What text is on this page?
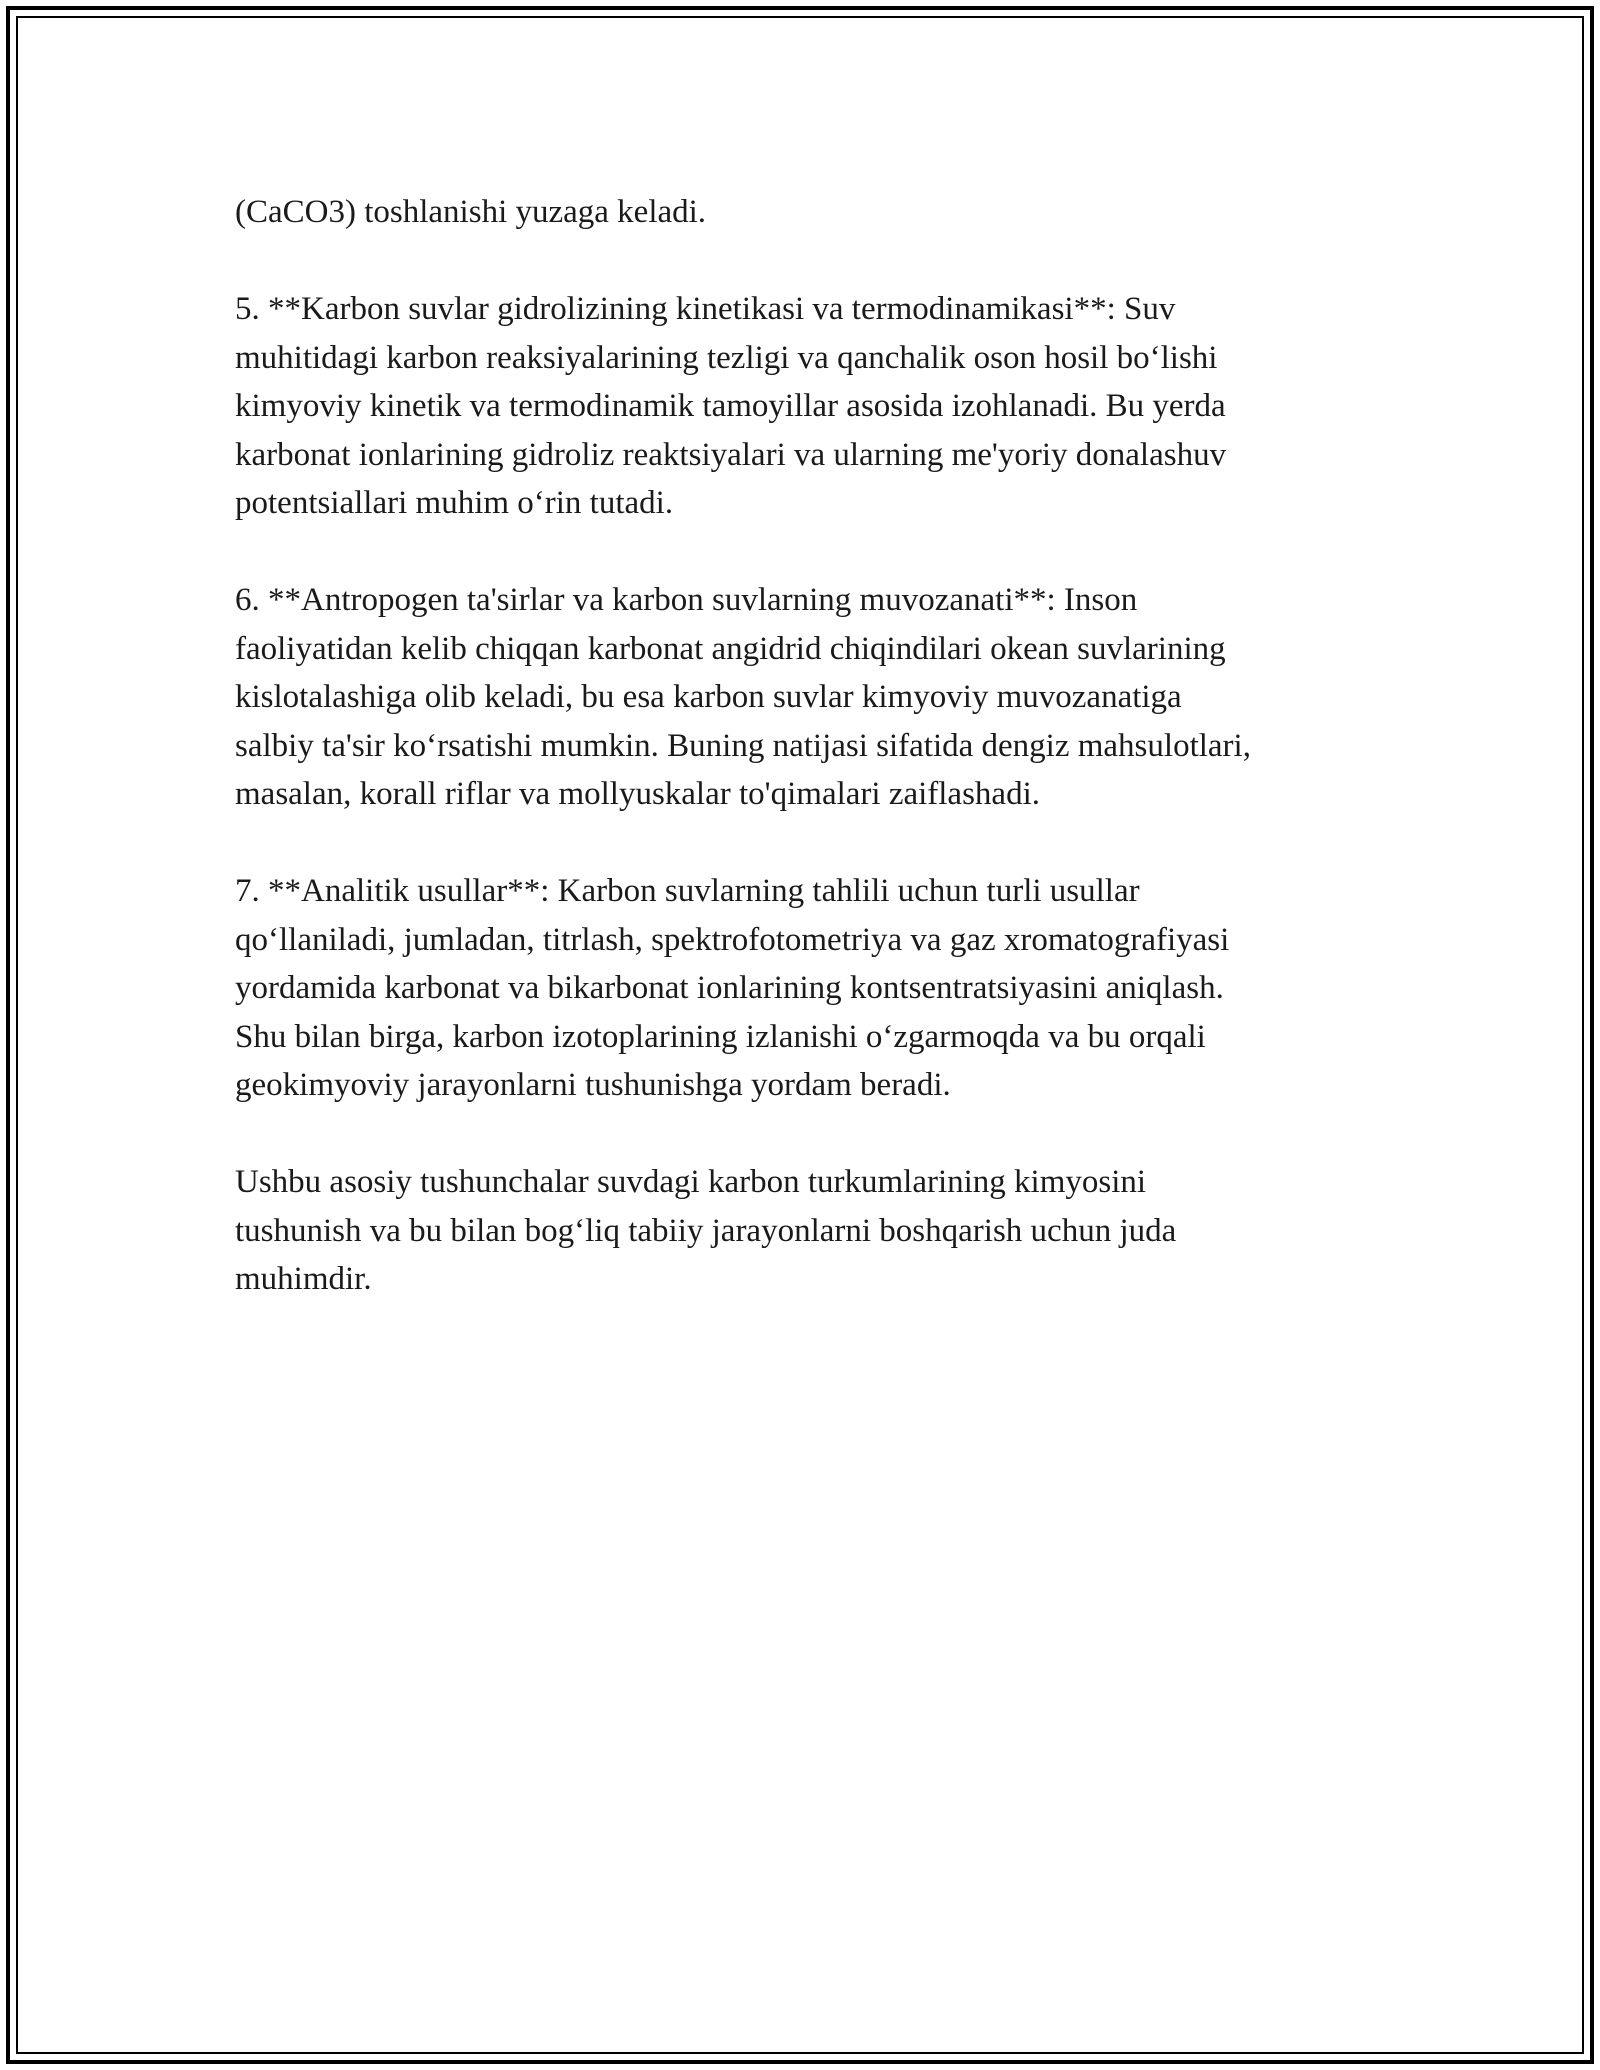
(CaCO3) toshlanishi yuzaga keladi.
5. **Karbon suvlar gidrolizining kinetikasi va termodinamikasi**: Suv
muhitidagi karbon reaksiyalarining tezligi va qanchalik oson hosil bo‘lishi
kimyoviy kinetik va termodinamik tamoyillar asosida izohlanadi. Bu yerda
karbonat ionlarining gidroliz reaktsiyalari va ularning me'yoriy donalashuv
potentsiallari muhim o‘rin tutadi.
6. **Antropogen ta'sirlar va karbon suvlarning muvozanati**: Inson
faoliyatidan kelib chiqqan karbonat angidrid chiqindilari okean suvlarining
kislotalashiga olib keladi, bu esa karbon suvlar kimyoviy muvozanatiga
salbiy ta'sir ko‘rsatishi mumkin. Buning natijasi sifatida dengiz mahsulotlari,
masalan, korall riflar va mollyuskalar to'qimalari zaiflashadi.
7. **Analitik usullar**: Karbon suvlarning tahlili uchun turli usullar
qo‘llaniladi, jumladan, titrlash, spektrofotometriya va gaz xromatografiyasi
yordamida karbonat va bikarbonat ionlarining kontsentratsiyasini aniqlash.
Shu bilan birga, karbon izotoplarining izlanishi o‘zgarmoqda va bu orqali
geokimyoviy jarayonlarni tushunishga yordam beradi.
Ushbu asosiy tushunchalar suvdagi karbon turkumlarining kimyosini
tushunish va bu bilan bog‘liq tabiiy jarayonlarni boshqarish uchun juda
muhimdir.
